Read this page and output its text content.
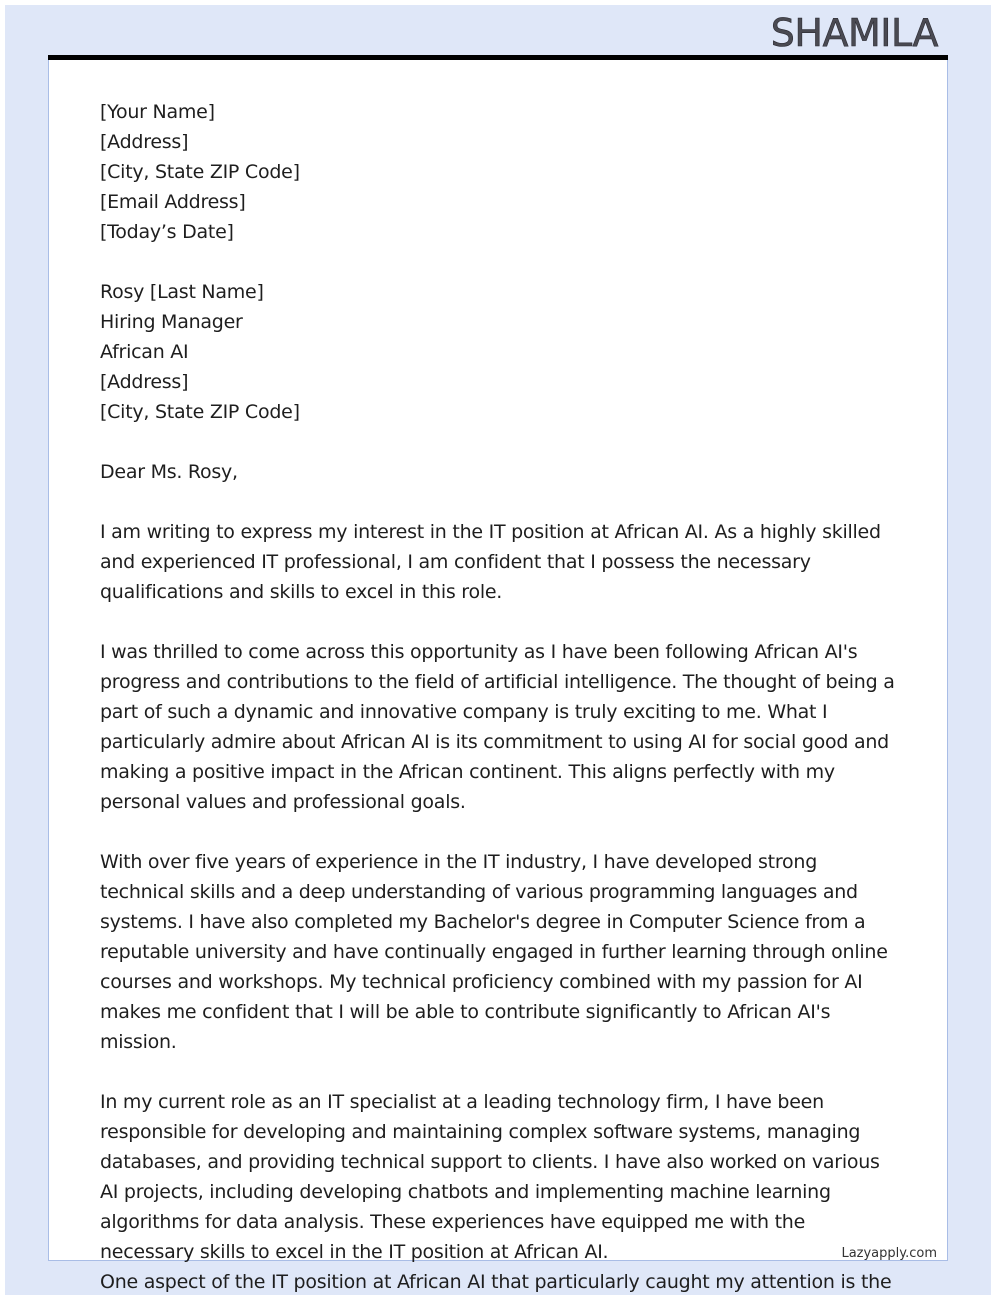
SHAMILA
[Your Name]
[Address]
[City, State ZIP Code]
[Email Address]
[Today’s Date]
Rosy [Last Name]
Hiring Manager
African AI
[Address]
[City, State ZIP Code]

Dear Ms. Rosy,

I am writing to express my interest in the IT position at African AI. As a highly skilled and experienced IT professional, I am confident that I possess the necessary qualifications and skills to excel in this role.

I was thrilled to come across this opportunity as I have been following African AI's progress and contributions to the field of artificial intelligence. The thought of being a part of such a dynamic and innovative company is truly exciting to me. What I particularly admire about African AI is its commitment to using AI for social good and making a positive impact in the African continent. This aligns perfectly with my personal values and professional goals.

With over five years of experience in the IT industry, I have developed strong technical skills and a deep understanding of various programming languages and systems. I have also completed my Bachelor's degree in Computer Science from a reputable university and have continually engaged in further learning through online courses and workshops. My technical proficiency combined with my passion for AI makes me confident that I will be able to contribute significantly to African AI's mission.

In my current role as an IT specialist at a leading technology firm, I have been responsible for developing and maintaining complex software systems, managing databases, and providing technical support to clients. I have also worked on various AI projects, including developing chatbots and implementing machine learning algorithms for data analysis. These experiences have equipped me with the necessary skills to excel in the IT position at African AI.	Lazyapply.com
One aspect of the IT position at African AI that particularly caught my attention is the
